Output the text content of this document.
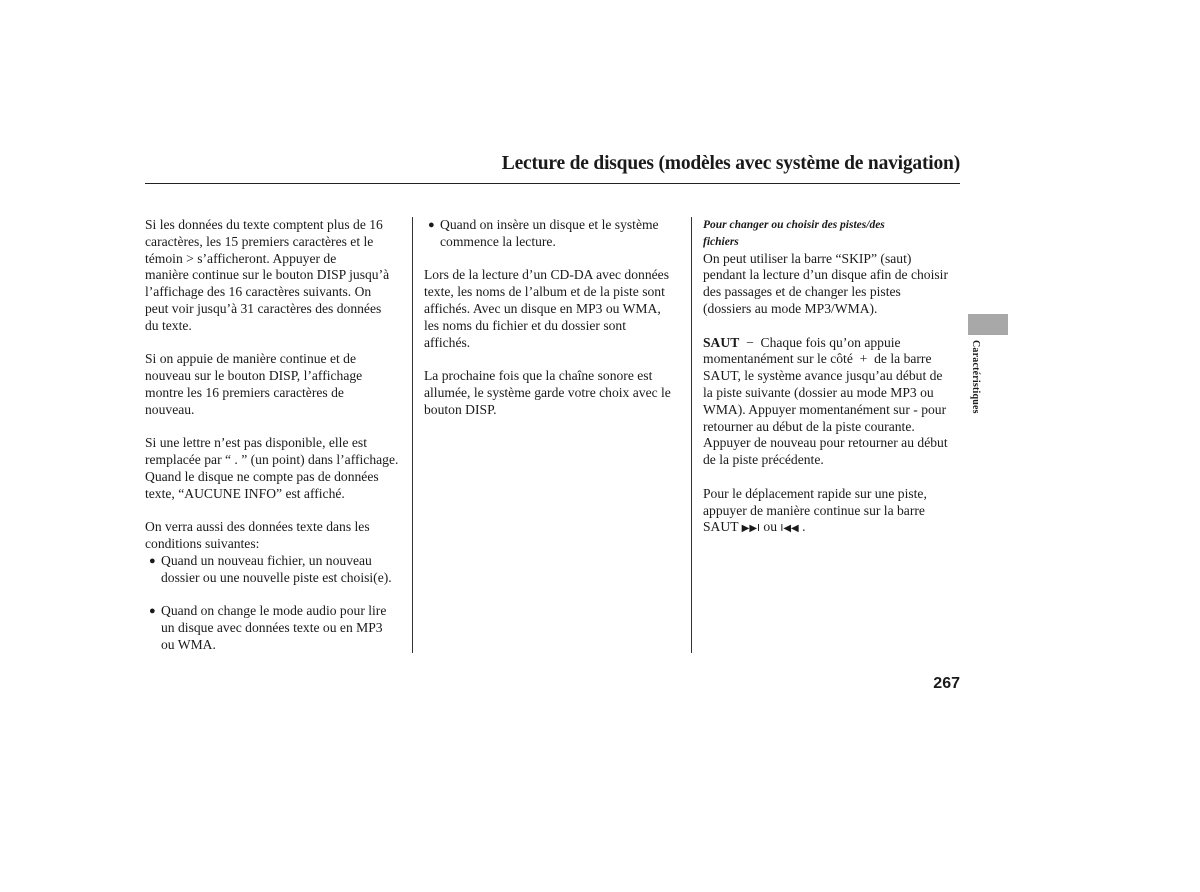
Lecture de disques (modèles avec système de navigation)

Si les données du texte comptent plus de 16
caractères, les 15 premiers caractères et le
témoin > s’afficheront. Appuyer de
manière continue sur le bouton DISP jusqu’à
l’affichage des 16 caractères suivants. On
peut voir jusqu’à 31 caractères des données
du texte.

Si on appuie de manière continue et de
nouveau sur le bouton DISP, l’affichage
montre les 16 premiers caractères de
nouveau.

Si une lettre n’est pas disponible, elle est
remplacée par “ . ” (un point) dans l’affichage.
Quand le disque ne compte pas de données
texte, “AUCUNE INFO” est affiché.

On verra aussi des données texte dans les
conditions suivantes:

● Quand un nouveau fichier, un nouveau
dossier ou une nouvelle piste est choisi(e).
● Quand on change le mode audio pour lire
un disque avec données texte ou en MP3
ou WMA.
● Quand on insère un disque et le système
commence la lecture.

Lors de la lecture d’un CD-DA avec données
texte, les noms de l’album et de la piste sont
affichés. Avec un disque en MP3 ou WMA,
les noms du fichier et du dossier sont
affichés.

La prochaine fois que la chaîne sonore est
allumée, le système garde votre choix avec le
bouton DISP.

Pour changer ou choisir des pistes/des
fichiers

On peut utiliser la barre “SKIP” (saut)
pendant la lecture d’un disque afin de choisir
des passages et de changer les pistes
(dossiers au mode MP3/WMA).

SAUT − Chaque fois qu’on appuie
momentanément sur le côté + de la barre
SAUT, le système avance jusqu’au début de
la piste suivante (dossier au mode MP3 ou
WMA). Appuyer momentanément sur - pour
retourner au début de la piste courante.
Appuyer de nouveau pour retourner au début
de la piste précédente.

Pour le déplacement rapide sur une piste,
appuyer de manière continue sur la barre
SAUT ▶▶I ou I◀◀ .

Caractéristiques
267
